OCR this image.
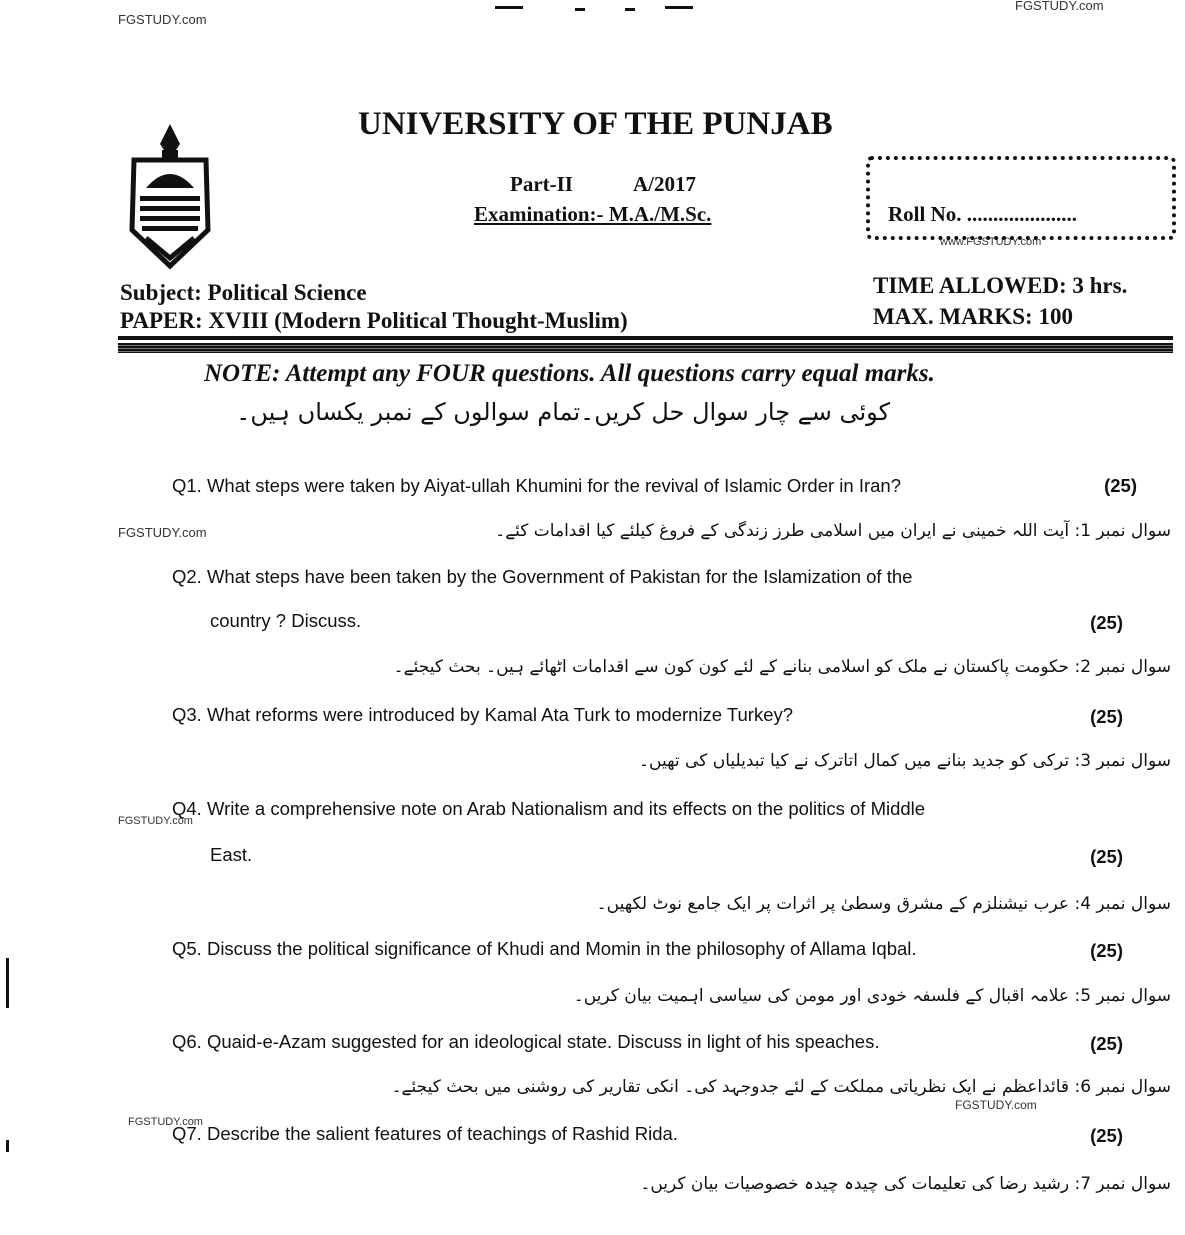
FGSTUDY.com
FGSTUDY.com
www.FGSTUDY.com
FGSTUDY.com
FGSTUDY.com
FGSTUDY.com
FGSTUDY.com
UNIVERSITY OF THE PUNJAB
Part-II	A/2017
Examination:- M.A./M.Sc.	Roll No. .....................
Subject: Political Science
PAPER: XVIII (Modern Political Thought-Muslim)
TIME ALLOWED: 3 hrs.
MAX. MARKS: 100
NOTE: Attempt any FOUR questions. All questions carry equal marks.
کوئی سے چار سوال حل کریں۔تمام سوالوں کے نمبر یکساں ہیں۔
Q1. What steps were taken by Aiyat-ullah Khumini for the revival of Islamic Order in Iran?	(25)
سوال نمبر 1: آیت اللہ خمینی نے ایران میں اسلامی طرز زندگی کے فروغ کیلئے کیا اقدامات کئے۔
Q2. What steps have been taken by the Government of Pakistan for the Islamization of the
country ? Discuss.	(25)
سوال نمبر 2: حکومت پاکستان نے ملک کو اسلامی بنانے کے لئے کون کون سے اقدامات اٹھائے ہیں۔ بحث کیجئے۔
Q3. What reforms were introduced by Kamal Ata Turk to modernize Turkey?	(25)
سوال نمبر 3: ترکی کو جدید بنانے میں کمال اتاترک نے کیا تبدیلیاں کی تھیں۔
Q4. Write a comprehensive note on Arab Nationalism and its effects on the politics of Middle
East.	(25)
سوال نمبر 4: عرب نیشنلزم کے مشرق وسطیٰ پر اثرات پر ایک جامع نوٹ لکھیں۔
Q5. Discuss the political significance of Khudi and Momin in the philosophy of Allama Iqbal.	(25)
سوال نمبر 5: علامہ اقبال کے فلسفہ خودی اور مومن کی سیاسی اہمیت بیان کریں۔
Q6. Quaid-e-Azam suggested for an ideological state. Discuss in light of his speaches.	(25)
سوال نمبر 6: قائداعظم نے ایک نظریاتی مملکت کے لئے جدوجہد کی۔ انکی تقاریر کی روشنی میں بحث کیجئے۔
Q7. Describe the salient features of teachings of Rashid Rida.	(25)
سوال نمبر 7: رشید رضا کی تعلیمات کی چیدہ چیدہ خصوصیات بیان کریں۔
